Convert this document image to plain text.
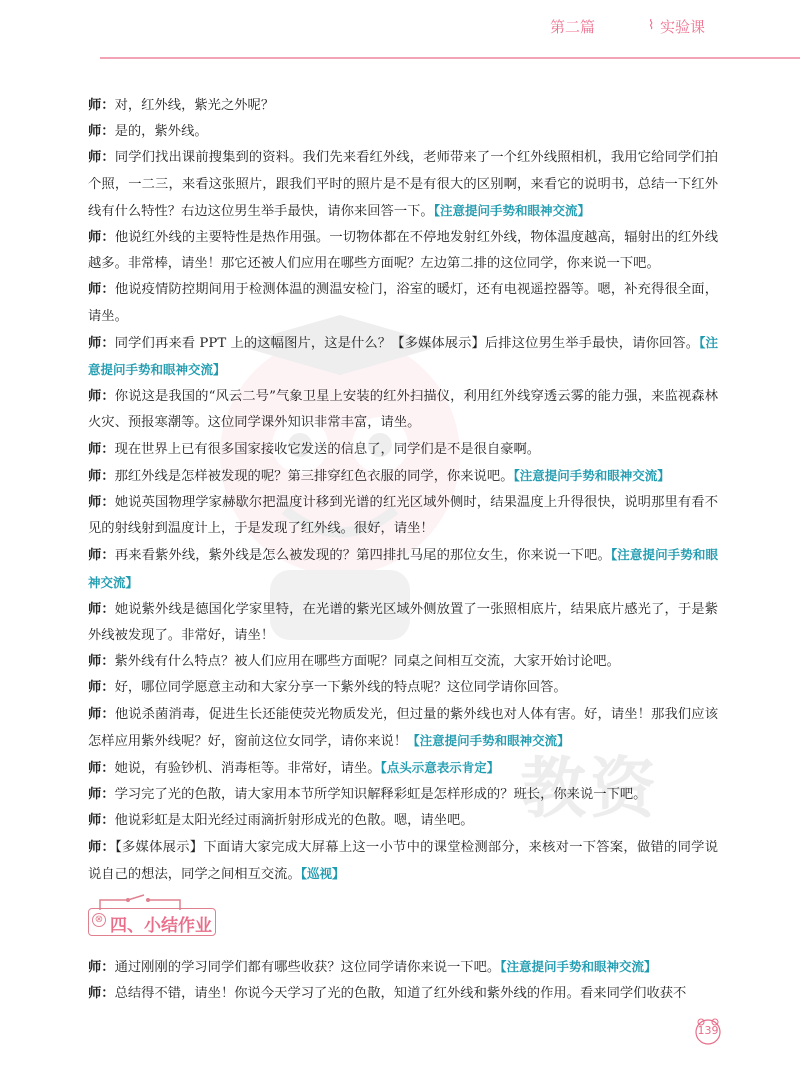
第二篇	⌇ 实验课
教资

师：对，红外线，紫光之外呢？

师：是的，紫外线。

师：同学们找出课前搜集到的资料。我们先来看红外线，老师带来了一个红外线照相机，我用它给同学们拍个照，一二三，来看这张照片，跟我们平时的照片是不是有很大的区别啊，来看它的说明书，总结一下红外线有什么特性？右边这位男生举手最快，请你来回答一下。【注意提问手势和眼神交流】

师：他说红外线的主要特性是热作用强。一切物体都在不停地发射红外线，物体温度越高，辐射出的红外线越多。非常棒，请坐！那它还被人们应用在哪些方面呢？左边第二排的这位同学，你来说一下吧。

师：他说疫情防控期间用于检测体温的测温安检门，浴室的暖灯，还有电视遥控器等。嗯，补充得很全面，请坐。

师：同学们再来看 PPT 上的这幅图片，这是什么？【多媒体展示】后排这位男生举手最快，请你回答。【注意提问手势和眼神交流】

师：你说这是我国的“风云二号”气象卫星上安装的红外扫描仪，利用红外线穿透云雾的能力强，来监视森林火灾、预报寒潮等。这位同学课外知识非常丰富，请坐。

师：现在世界上已有很多国家接收它发送的信息了，同学们是不是很自豪啊。

师：那红外线是怎样被发现的呢？第三排穿红色衣服的同学，你来说吧。【注意提问手势和眼神交流】

师：她说英国物理学家赫歇尔把温度计移到光谱的红光区域外侧时，结果温度上升得很快，说明那里有看不见的射线射到温度计上，于是发现了红外线。很好，请坐！

师：再来看紫外线，紫外线是怎么被发现的？第四排扎马尾的那位女生，你来说一下吧。【注意提问手势和眼神交流】

师：她说紫外线是德国化学家里特，在光谱的紫光区域外侧放置了一张照相底片，结果底片感光了，于是紫外线被发现了。非常好，请坐！

师：紫外线有什么特点？被人们应用在哪些方面呢？同桌之间相互交流，大家开始讨论吧。

师：好，哪位同学愿意主动和大家分享一下紫外线的特点呢？这位同学请你回答。

师：他说杀菌消毒，促进生长还能使荧光物质发光，但过量的紫外线也对人体有害。好，请坐！那我们应该怎样应用紫外线呢？好，窗前这位女同学，请你来说！【注意提问手势和眼神交流】

师：她说，有验钞机、消毒柜等。非常好，请坐。【点头示意表示肯定】

师：学习完了光的色散，请大家用本节所学知识解释彩虹是怎样形成的？班长，你来说一下吧。

师：他说彩虹是太阳光经过雨滴折射形成光的色散。嗯，请坐吧。

师：【多媒体展示】下面请大家完成大屏幕上这一小节中的课堂检测部分，来核对一下答案，做错的同学说说自己的想法，同学之间相互交流。【巡视】

⊗ 四、小结作业

师：通过刚刚的学习同学们都有哪些收获？这位同学请你来说一下吧。【注意提问手势和眼神交流】

师：总结得不错，请坐！你说今天学习了光的色散，知道了红外线和紫外线的作用。看来同学们收获不

139
